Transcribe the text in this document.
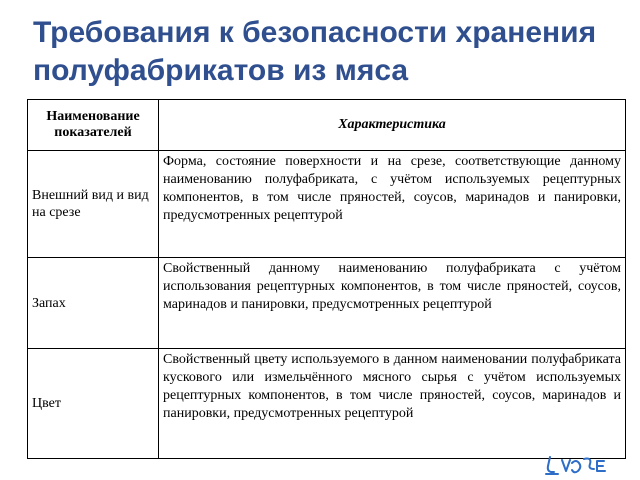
Требования к безопасности хранения полуфабрикатов из мяса
Наименование показателей	Характеристика
Внешний вид и вид на срезе	Форма, состояние поверхности и на срезе, соответствующие данному наименованию полуфабриката, с учётом используемых рецептурных компонентов, в том числе пряностей, соусов, маринадов и панировки, предусмотренных рецептурой
Запах	Свойственный данному наименованию полуфабриката с учётом использования рецептурных компонентов, в том числе пряностей, соусов, маринадов и панировки, предусмотренных рецептурой
Цвет	Свойственный цвету используемого в данном наименовании полуфабриката кускового или измельчённого мясного сырья с учётом используемых рецептурных компонентов, в том числе пряностей, соусов, маринадов и панировки, предусмотренных рецептурой
